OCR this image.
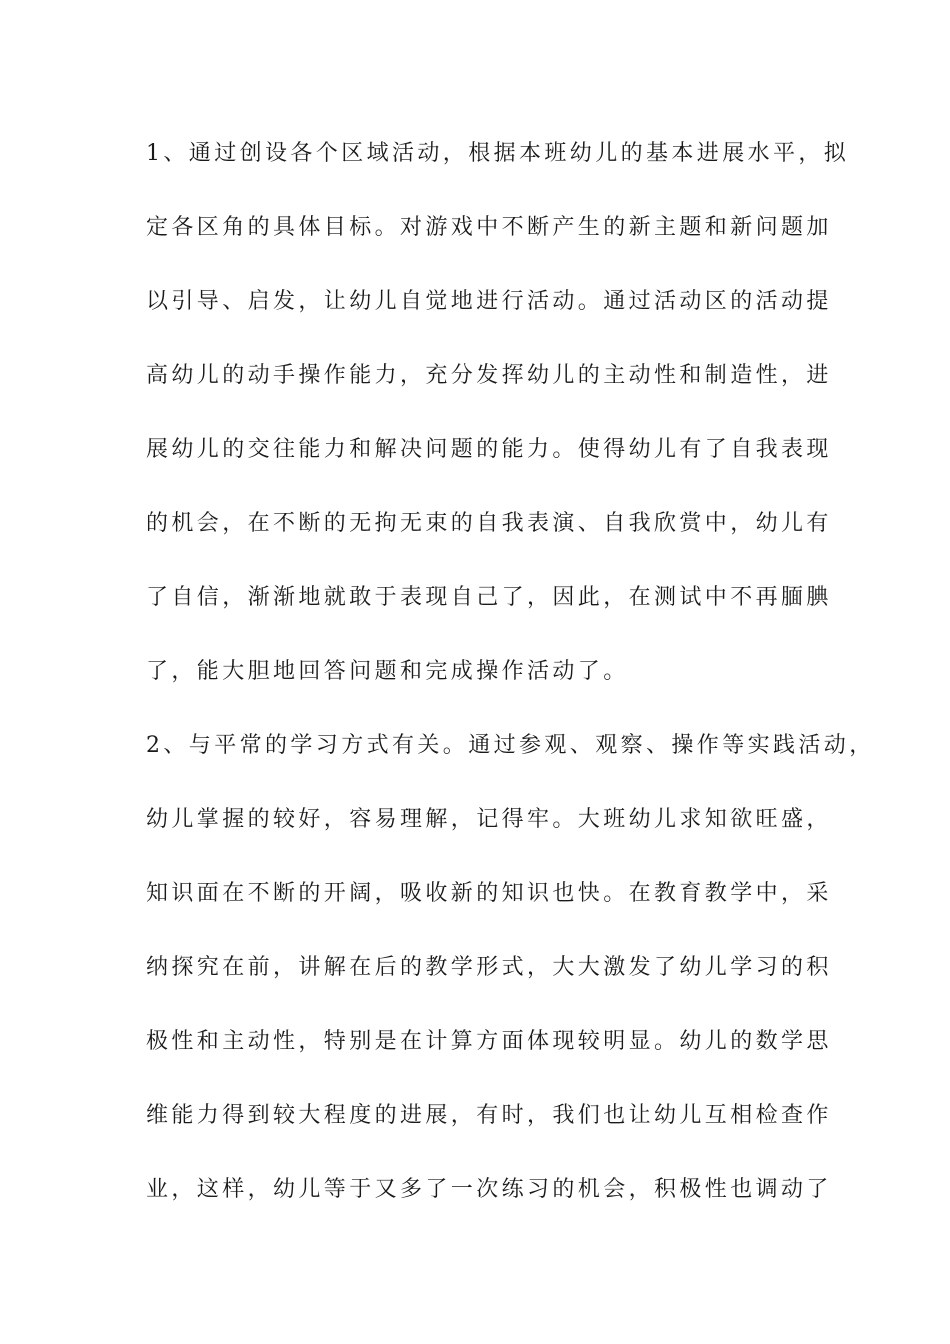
1、通过创设各个区域活动，根据本班幼儿的基本进展水平，拟
定各区角的具体目标。对游戏中不断产生的新主题和新问题加
以引导、启发，让幼儿自觉地进行活动。通过活动区的活动提
高幼儿的动手操作能力，充分发挥幼儿的主动性和制造性，进
展幼儿的交往能力和解决问题的能力。使得幼儿有了自我表现
的机会，在不断的无拘无束的自我表演、自我欣赏中，幼儿有
了自信，渐渐地就敢于表现自己了，因此，在测试中不再腼腆
了，能大胆地回答问题和完成操作活动了。
2、与平常的学习方式有关。通过参观、观察、操作等实践活动，
幼儿掌握的较好，容易理解，记得牢。大班幼儿求知欲旺盛，
知识面在不断的开阔，吸收新的知识也快。在教育教学中，采
纳探究在前，讲解在后的教学形式，大大激发了幼儿学习的积
极性和主动性，特别是在计算方面体现较明显。幼儿的数学思
维能力得到较大程度的进展，有时，我们也让幼儿互相检查作
业，这样，幼儿等于又多了一次练习的机会，积极性也调动了
